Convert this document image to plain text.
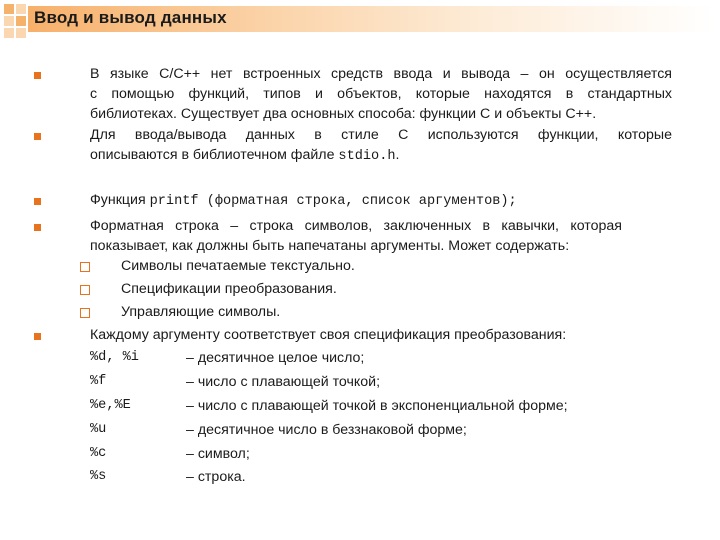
Ввод и вывод данных
В языке С/С++ нет встроенных средств ввода и вывода – он осуществляется
с помощью функций, типов и объектов, которые находятся в стандартных
библиотеках. Существует два основных способа: функции С и объекты С++.
Для ввода/вывода данных в стиле С используются функции, которые
описываются в библиотечном файле stdio.h.
Функция printf (форматная строка, список аргументов);
Форматная строка – строка символов, заключенных в кавычки, которая
показывает, как должны быть напечатаны аргументы. Может содержать:
Символы печатаемые текстуально.
Спецификации преобразования.
Управляющие символы.
Каждому аргументу соответствует своя спецификация преобразования:
%d, %i	– десятичное целое число;
%f	– число с плавающей точкой;
%e,%E	– число с плавающей точкой в экспоненциальной форме;
%u	– десятичное число в беззнаковой форме;
%c	– символ;
%s	– строка.
